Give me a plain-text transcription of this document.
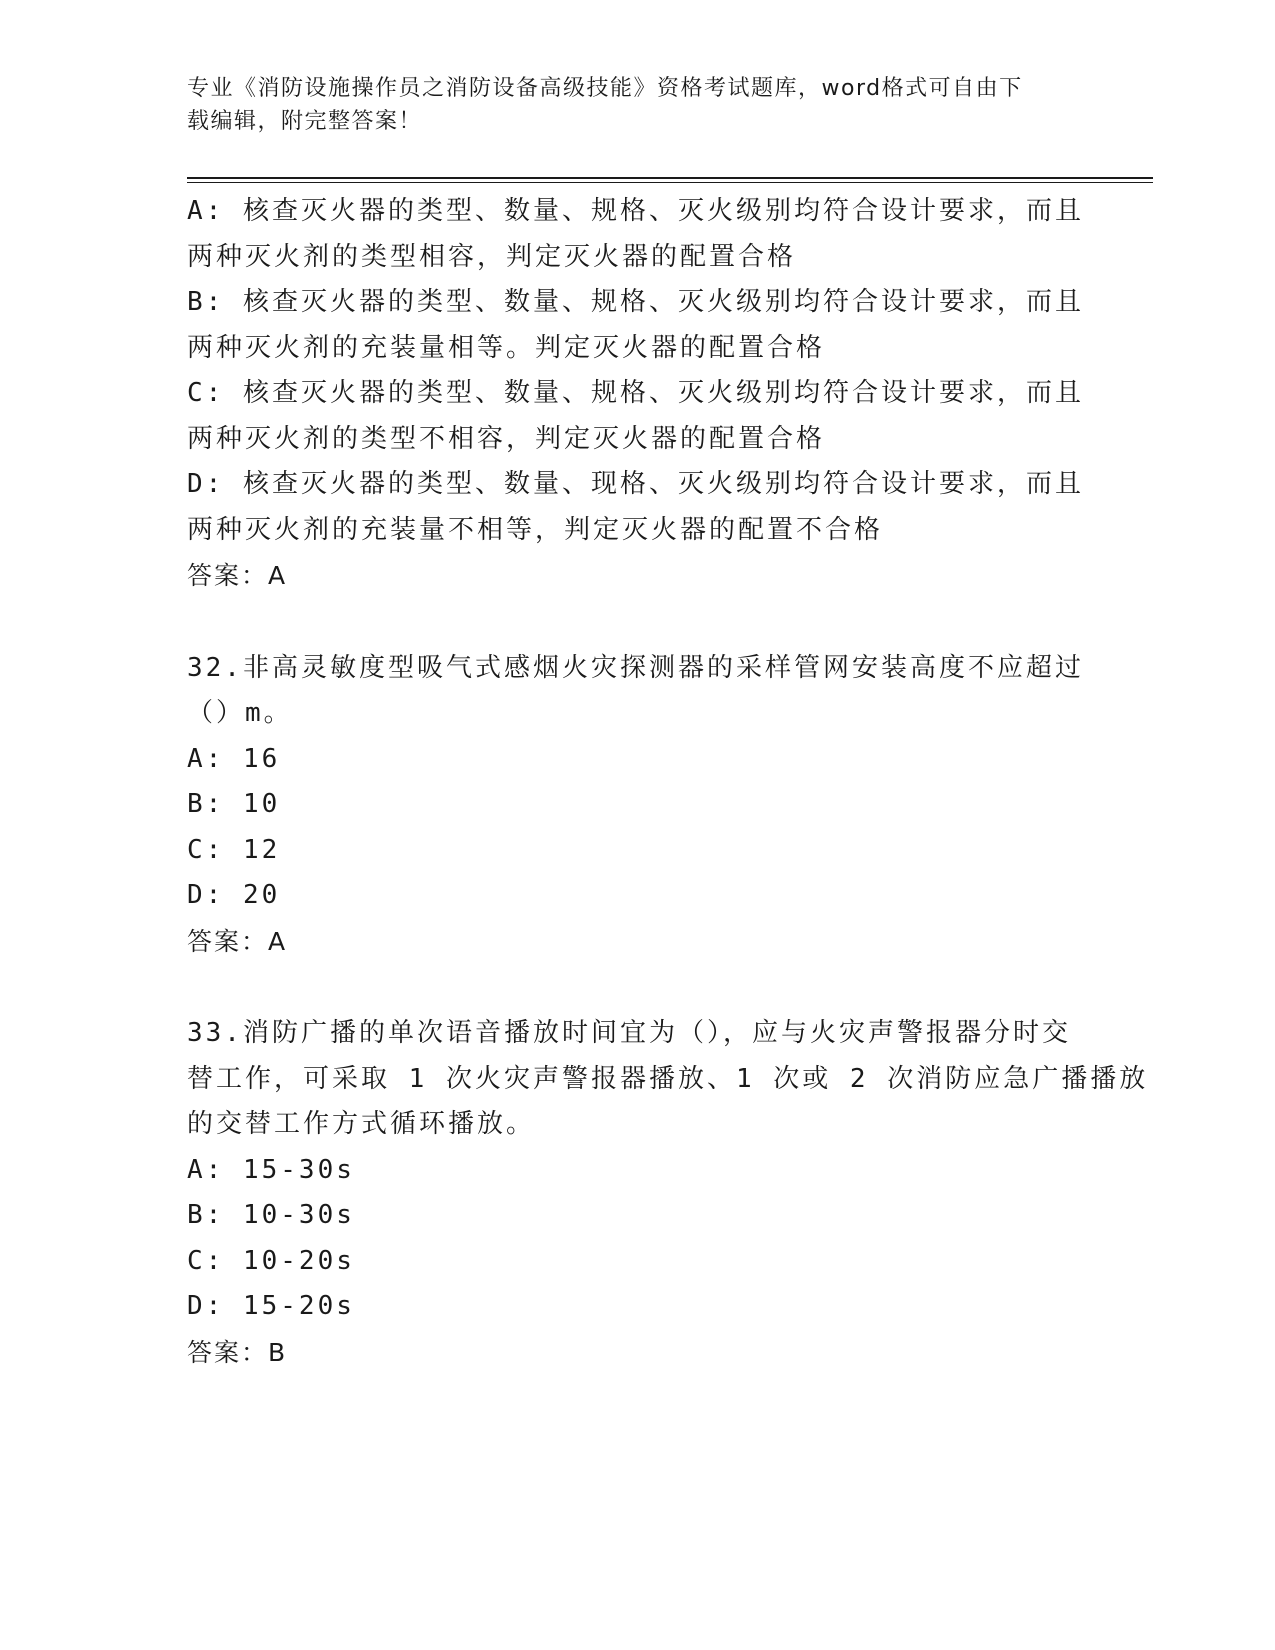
专业《消防设施操作员之消防设备高级技能》资格考试题库，word格式可自由下
载编辑，附完整答案！
A: 核查灭火器的类型、数量、规格、灭火级别均符合设计要求，而且
两种灭火剂的类型相容，判定灭火器的配置合格
B: 核查灭火器的类型、数量、规格、灭火级别均符合设计要求，而且
两种灭火剂的充装量相等。判定灭火器的配置合格
C: 核查灭火器的类型、数量、规格、灭火级别均符合设计要求，而且
两种灭火剂的类型不相容，判定灭火器的配置合格
D: 核查灭火器的类型、数量、现格、灭火级别均符合设计要求，而且
两种灭火剂的充装量不相等，判定灭火器的配置不合格
答案：A
32.非高灵敏度型吸气式感烟火灾探测器的采样管网安装高度不应超过
（）m。
A: 16
B: 10
C: 12
D: 20
答案：A
33.消防广播的单次语音播放时间宜为（），应与火灾声警报器分时交
替工作，可采取 1 次火灾声警报器播放、1 次或 2 次消防应急广播播放
的交替工作方式循环播放。
A: 15-30s
B: 10-30s
C: 10-20s
D: 15-20s
答案：B
